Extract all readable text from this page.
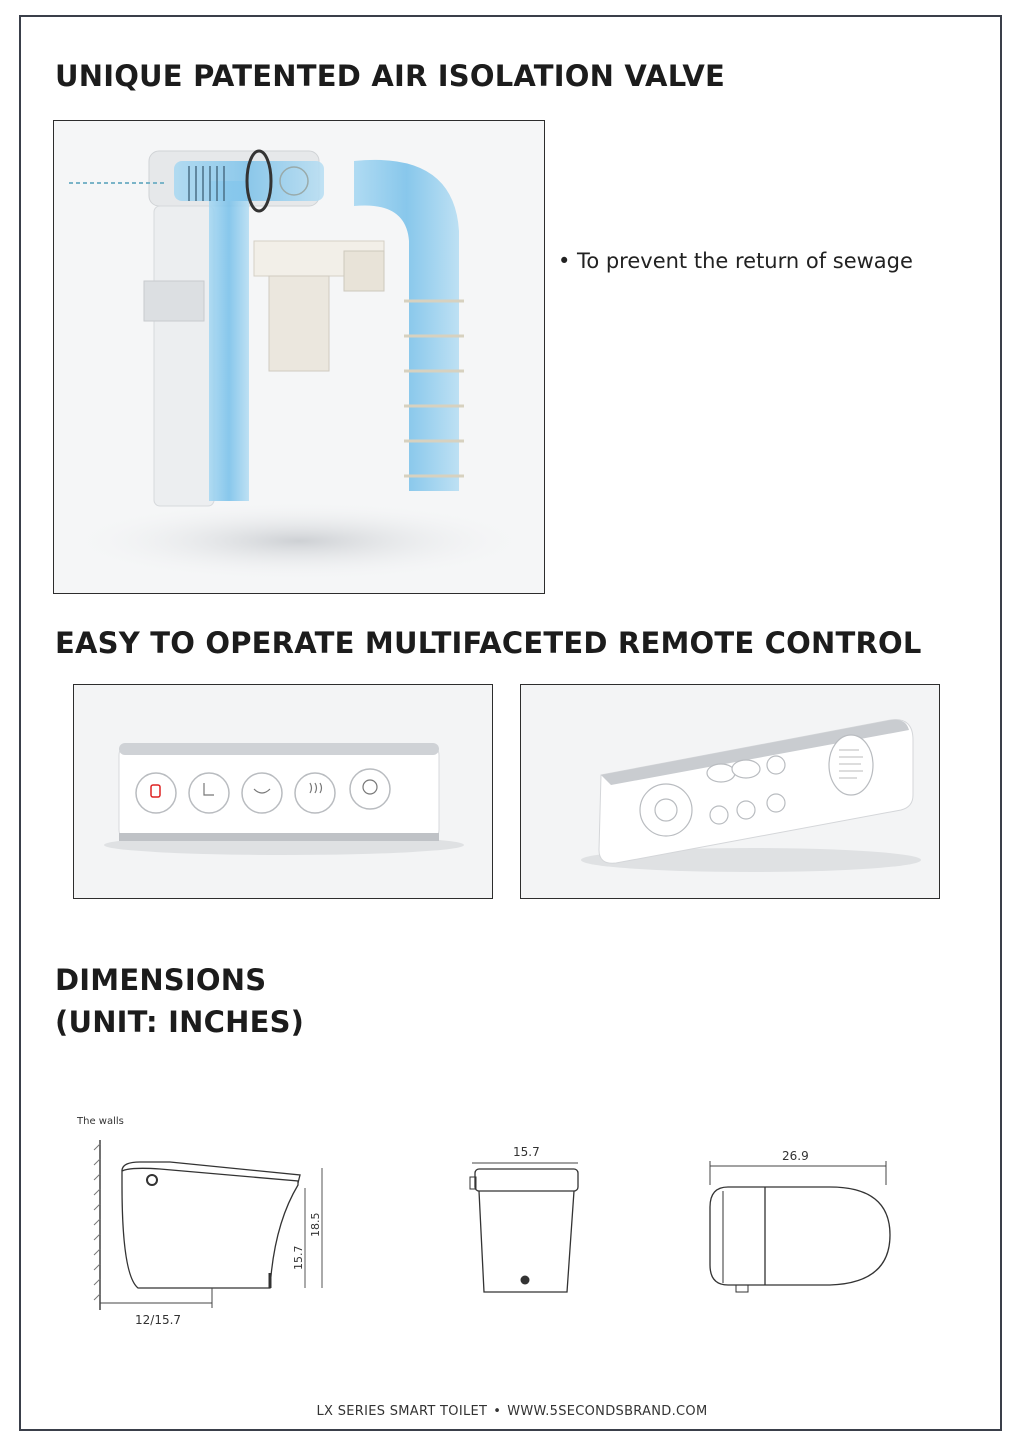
UNIQUE PATENTED AIR ISOLATION VALVE
• To prevent the return of sewage
EASY TO OPERATE MULTIFACETED REMOTE CONTROL
DIMENSIONS
(UNIT: INCHES)
The walls
12/15.7
15.7
18.5
15.7	26.9
LX SERIES SMART TOILET • WWW.5SECONDSBRAND.COM
